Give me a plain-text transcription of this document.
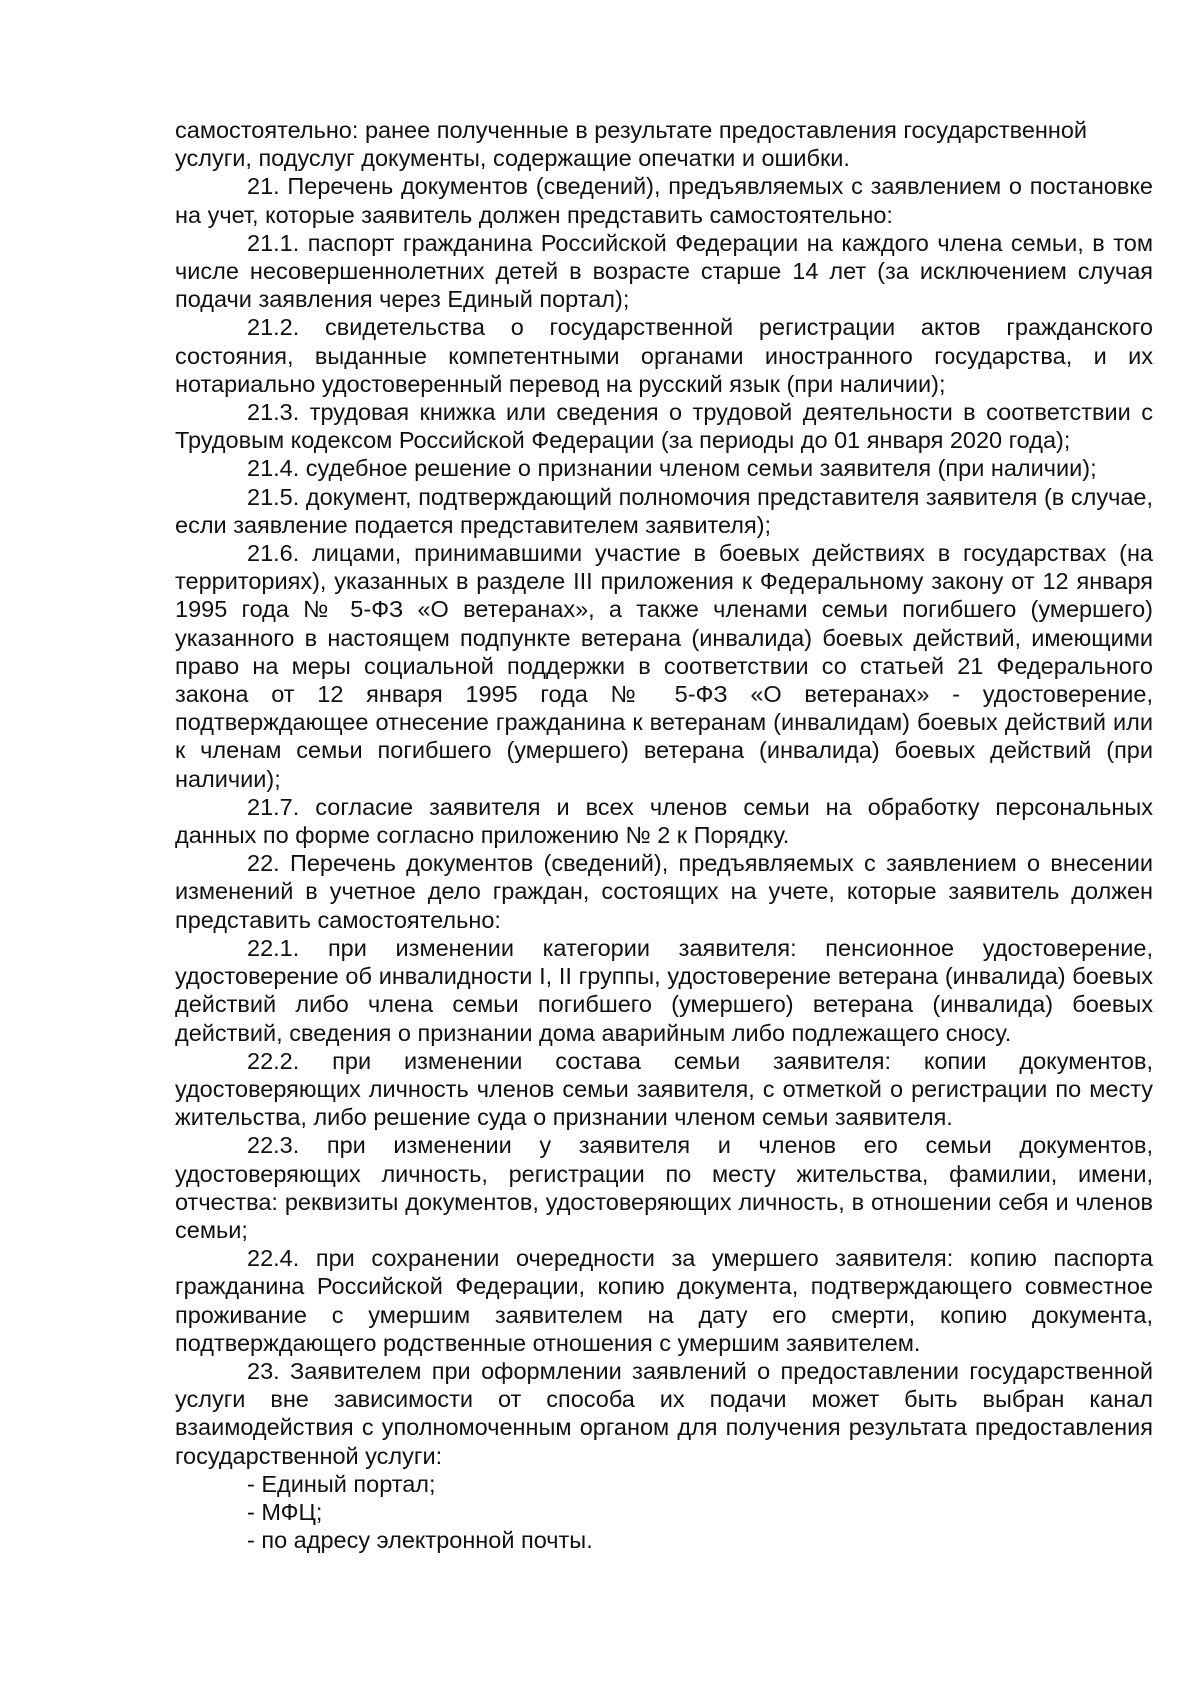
самостоятельно: ранее полученные в результате предоставления государственной услуги, подуслуг документы, содержащие опечатки и ошибки.

21. Перечень документов (сведений), предъявляемых с заявлением о постановке на учет, которые заявитель должен представить самостоятельно:

21.1. паспорт гражданина Российской Федерации на каждого члена семьи, в том числе несовершеннолетних детей в возрасте старше 14 лет (за исключением случая подачи заявления через Единый портал);

21.2. свидетельства о государственной регистрации актов гражданского состояния, выданные компетентными органами иностранного государства, и их нотариально удостоверенный перевод на русский язык (при наличии);

21.3. трудовая книжка или сведения о трудовой деятельности в соответствии с Трудовым кодексом Российской Федерации (за периоды до 01 января 2020 года);

21.4. судебное решение о признании членом семьи заявителя (при наличии);

21.5. документ, подтверждающий полномочия представителя заявителя (в случае, если заявление подается представителем заявителя);

21.6. лицами, принимавшими участие в боевых действиях в государствах (на территориях), указанных в разделе III приложения к Федеральному закону от 12 января 1995 года № 5-ФЗ «О ветеранах», а также членами семьи погибшего (умершего) указанного в настоящем подпункте ветерана (инвалида) боевых действий, имеющими право на меры социальной поддержки в соответствии со статьей 21 Федерального закона от 12 января 1995 года № 5-ФЗ «О ветеранах» - удостоверение, подтверждающее отнесение гражданина к ветеранам (инвалидам) боевых действий или к членам семьи погибшего (умершего) ветерана (инвалида) боевых действий (при наличии);

21.7. согласие заявителя и всех членов семьи на обработку персональных данных по форме согласно приложению № 2 к Порядку.

22. Перечень документов (сведений), предъявляемых с заявлением о внесении изменений в учетное дело граждан, состоящих на учете, которые заявитель должен представить самостоятельно:

22.1. при изменении категории заявителя: пенсионное удостоверение, удостоверение об инвалидности I, II группы, удостоверение ветерана (инвалида) боевых действий либо члена семьи погибшего (умершего) ветерана (инвалида) боевых действий, сведения о признании дома аварийным либо подлежащего сносу.

22.2. при изменении состава семьи заявителя: копии документов, удостоверяющих личность членов семьи заявителя, с отметкой о регистрации по месту жительства, либо решение суда о признании членом семьи заявителя.

22.3. при изменении у заявителя и членов его семьи документов, удостоверяющих личность, регистрации по месту жительства, фамилии, имени, отчества: реквизиты документов, удостоверяющих личность, в отношении себя и членов семьи;

22.4. при сохранении очередности за умершего заявителя: копию паспорта гражданина Российской Федерации, копию документа, подтверждающего совместное проживание с умершим заявителем на дату его смерти, копию документа, подтверждающего родственные отношения с умершим заявителем.

23. Заявителем при оформлении заявлений о предоставлении государственной услуги вне зависимости от способа их подачи может быть выбран канал взаимодействия с уполномоченным органом для получения результата предоставления государственной услуги:

- Единый портал;

- МФЦ;

- по адресу электронной почты.
